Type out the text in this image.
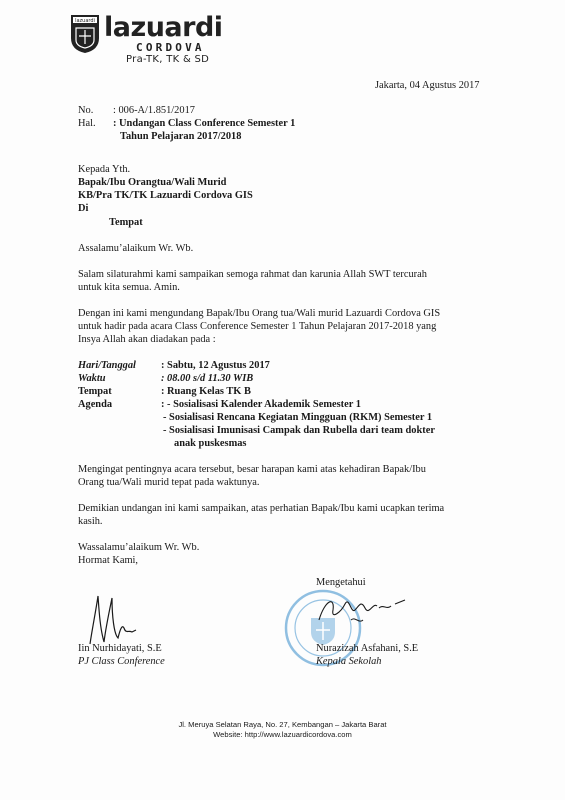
lazuardi lazuardi
CORDOVA
Pra-TK, TK & SD
Jakarta, 04 Agustus 2017
No. : 006-A/1.851/2017
Hal. : Undangan Class Conference Semester 1
Tahun Pelajaran 2017/2018
Kepada Yth.
Bapak/Ibu Orangtua/Wali Murid
KB/Pra TK/TK Lazuardi Cordova GIS
Di
Tempat
Assalamu’alaikum Wr. Wb.
Salam silaturahmi kami sampaikan semoga rahmat dan karunia Allah SWT tercurah
untuk kita semua. Amin.
Dengan ini kami mengundang Bapak/Ibu Orang tua/Wali murid Lazuardi Cordova GIS
untuk hadir pada acara Class Conference Semester 1 Tahun Pelajaran 2017-2018 yang
Insya Allah akan diadakan pada :
Hari/Tanggal : Sabtu, 12 Agustus 2017
Waktu	: 08.00 s/d 11.30 WIB
Tempat	: Ruang Kelas TK B
Agenda	: - Sosialisasi Kalender Akademik Semester 1
- Sosialisasi Rencana Kegiatan Mingguan (RKM) Semester 1
- Sosialisasi Imunisasi Campak dan Rubella dari team dokter
anak puskesmas
Mengingat pentingnya acara tersebut, besar harapan kami atas kehadiran Bapak/Ibu
Orang tua/Wali murid tepat pada waktunya.
Demikian undangan ini kami sampaikan, atas perhatian Bapak/Ibu kami ucapkan terima
kasih.
Wassalamu’alaikum Wr. Wb.
Hormat Kami,
Iin Nurhidayati, S.E
PJ Class Conference
Mengetahui
Nurazizah Asfahani, S.E
Kepala Sekolah
Jl. Meruya Selatan Raya, No. 27, Kembangan – Jakarta Barat
Website: http://www.lazuardicordova.com
